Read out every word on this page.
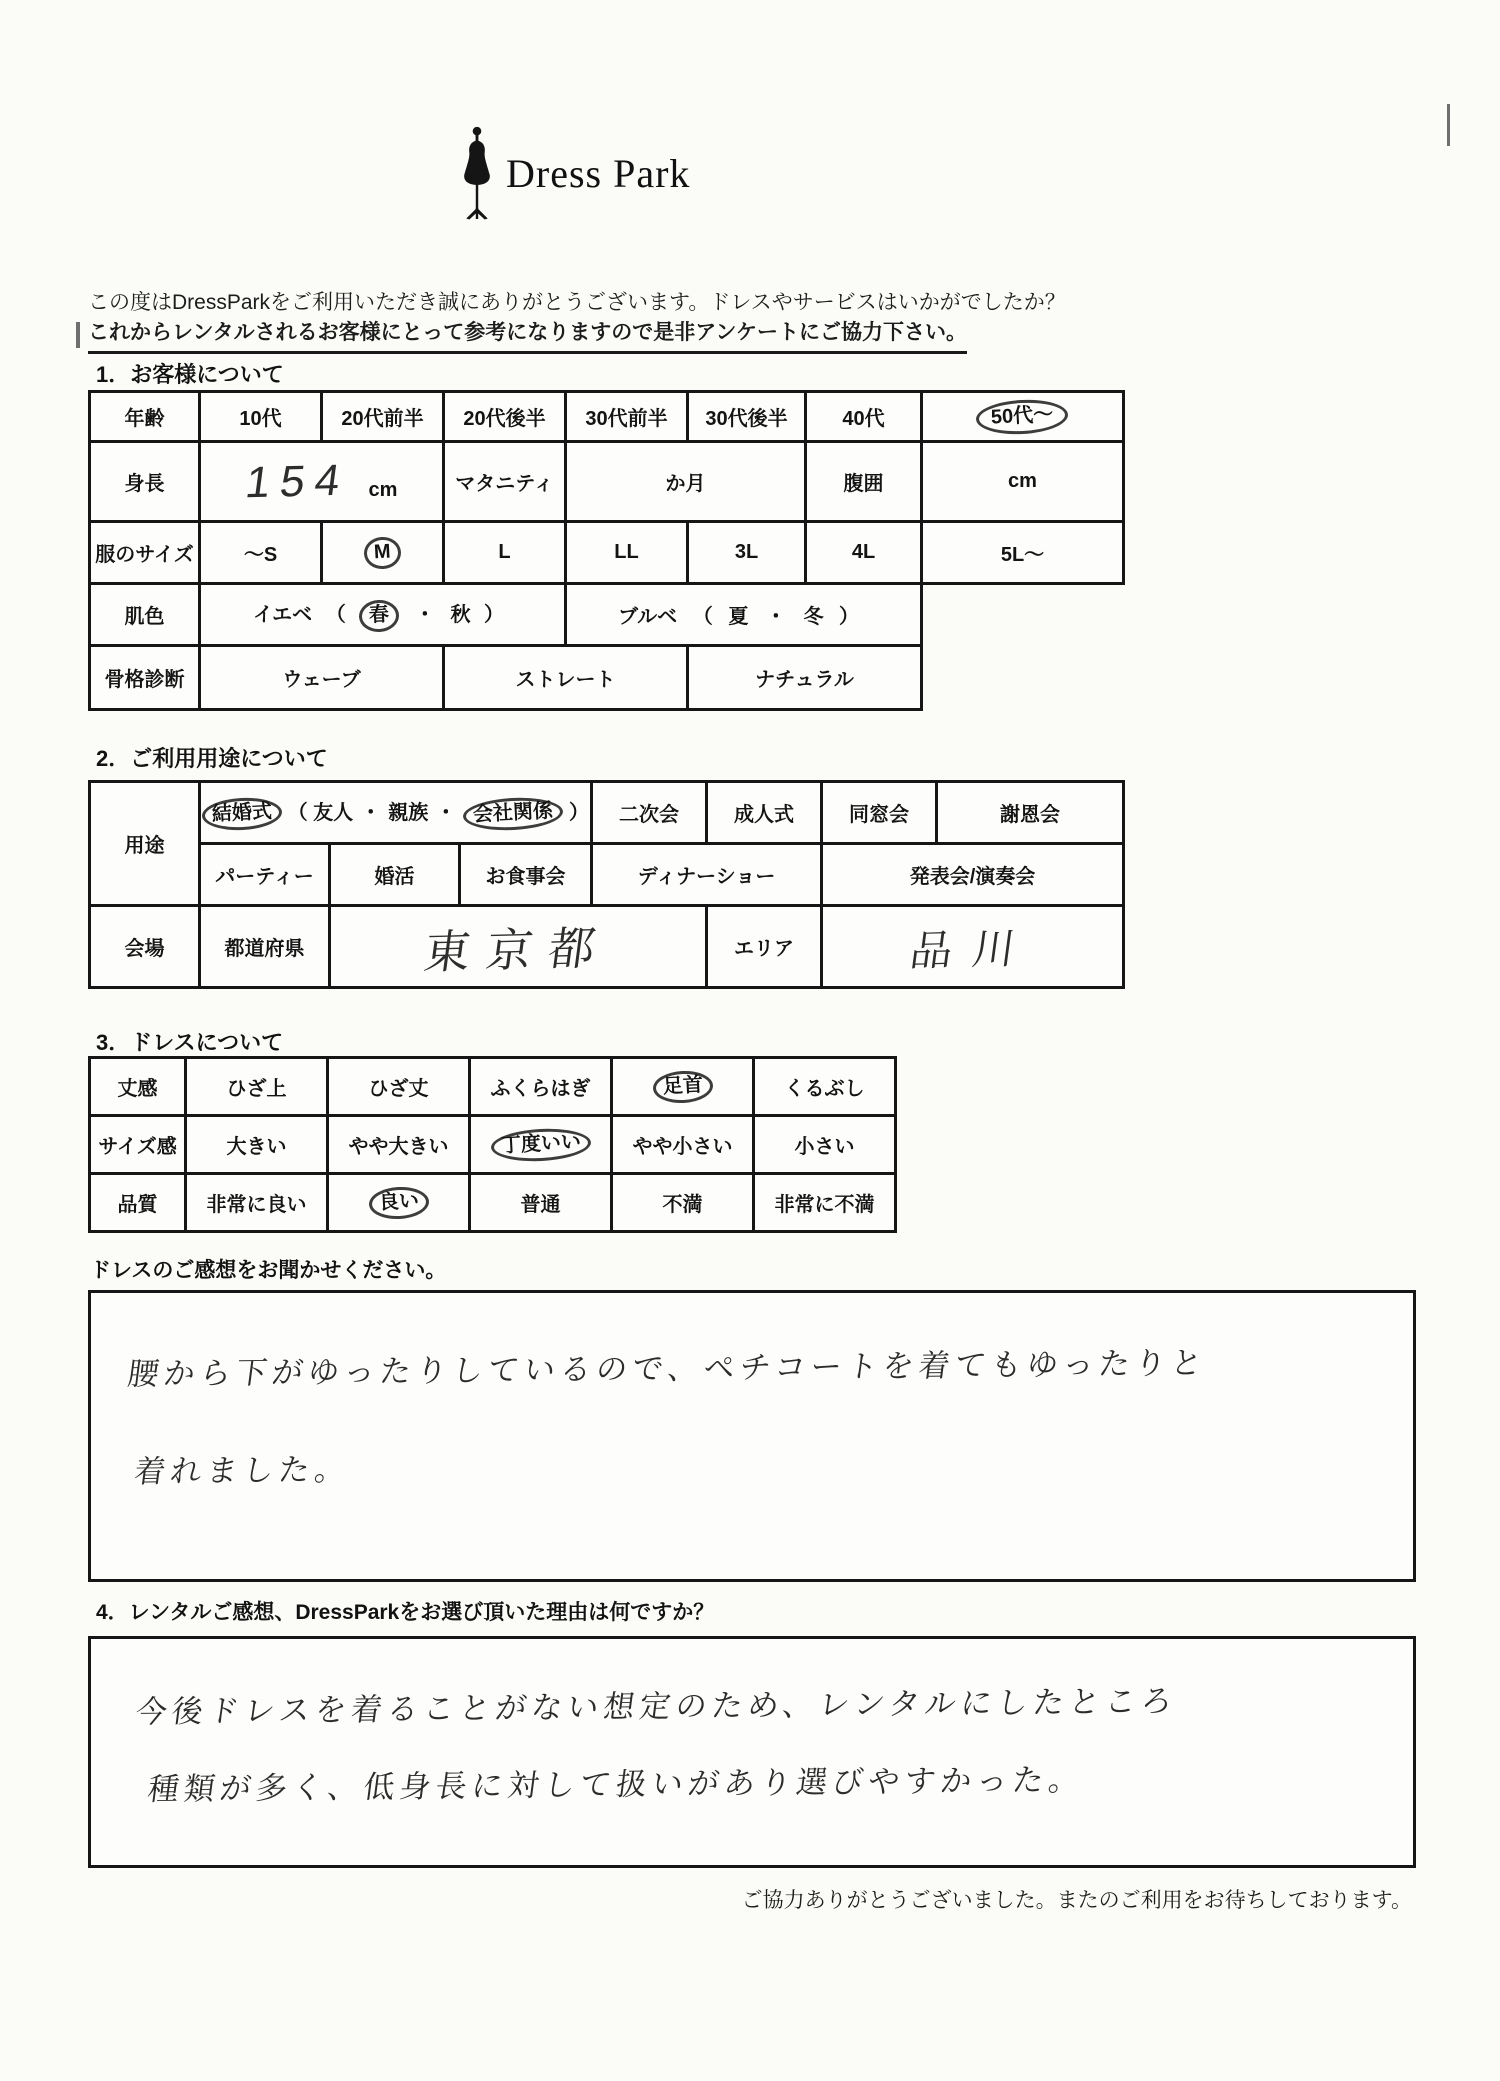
Dress Park
この度はDressParkをご利用いただき誠にありがとうございます。ドレスやサービスはいかがでしたか？
これからレンタルされるお客様にとって参考になりますので是非アンケートにご協力下さい。
1．お客様について
年齢	10代	20代前半	20代後半	30代前半	30代後半	40代	50代～
身長	154 cm		マタニティ	か月		腹囲	cm
服のサイズ	～S	M	L	LL	3L	4L	5L～
肌色	イエベ （ 春 ・ 秋 ）			ブルベ （ 夏 ・ 冬 ）			
骨格診断	ウェーブ		ストレート		ナチュラル		
2．ご利用用途について
用途	結婚式 （ 友人 ・ 親族 ・ 会社関係 ）			二次会	成人式	同窓会	謝恩会
	パーティー	婚活	お食事会	ディナーショー		発表会/演奏会	
会場	都道府県	東京都			エリア	品川	
3．ドレスについて
丈感	ひざ上	ひざ丈	ふくらはぎ	足首	くるぶし
サイズ感	大きい	やや大きい	丁度いい	やや小さい	小さい
品質	非常に良い	良い	普通	不満	非常に不満
ドレスのご感想をお聞かせください。
腰から下がゆったりしているので、ペチコートを着てもゆったりと
着れました。
4．レンタルご感想、DressParkをお選び頂いた理由は何ですか？
今後ドレスを着ることがない想定のため、レンタルにしたところ
種類が多く、低身長に対して扱いがあり選びやすかった。
ご協力ありがとうございました。またのご利用をお待ちしております。
